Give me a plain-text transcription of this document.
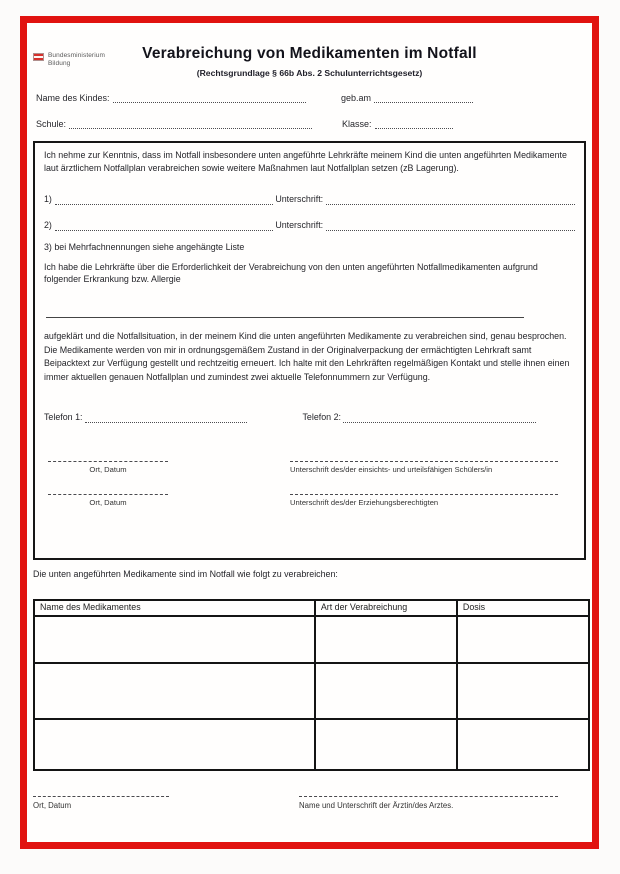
Bundesministerium
Bildung
Verabreichung von Medikamenten im Notfall
(Rechtsgrundlage § 66b Abs. 2 Schulunterrichtsgesetz)
Name des Kindes:	geb.am
Schule:	Klasse:

Ich nehme zur Kenntnis, dass im Notfall insbesondere unten angeführte Lehrkräfte meinem Kind die unten angeführten Medikamente laut ärztlichem Notfallplan verabreichen sowie weitere Maßnahmen laut Notfallplan setzen (zB Lagerung).

1)	Unterschrift:
2)	Unterschrift:

3) bei Mehrfachnennungen siehe angehängte Liste

Ich habe die Lehrkräfte über die Erforderlichkeit der Verabreichung von den unten angeführten Notfallmedikamenten aufgrund folgender Erkrankung bzw. Allergie

aufgeklärt und die Notfallsituation, in der meinem Kind die unten angeführten Medikamente zu verabreichen sind, genau besprochen. Die Medikamente werden von mir in ordnungsgemäßem Zustand in der Originalverpackung der ermächtigten Lehrkraft samt Beipacktext zur Verfügung gestellt und rechtzeitig erneuert. Ich halte mit den Lehrkräften regelmäßigen Kontakt und stelle ihnen einen immer aktuellen genauen Notfallplan und zumindest zwei aktuelle Telefonnummern zur Verfügung.

Telefon 1:	Telefon 2:
Ort, Datum	Unterschrift des/der einsichts- und urteilsfähigen Schülers/in
Ort, Datum	Unterschrift des/der Erziehungsberechtigten
Die unten angeführten Medikamente sind im Notfall wie folgt zu verabreichen:
Name des Medikamentes	Art der Verabreichung	Dosis

Ort, Datum	Name und Unterschrift der Ärztin/des Arztes.
